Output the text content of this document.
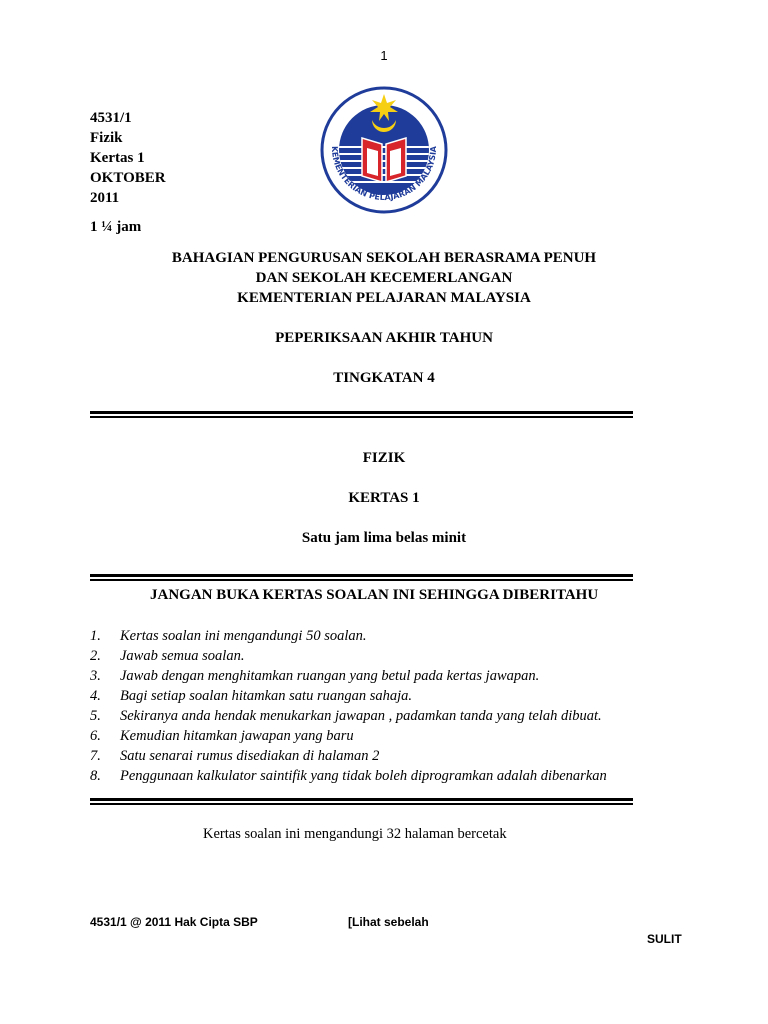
1
4531/1
Fizik
Kertas 1
OKTOBER
2011
1 ¼ jam
KEMENTERIAN PELAJARAN MALAYSIA
BAHAGIAN PENGURUSAN SEKOLAH BERASRAMA PENUH
DAN SEKOLAH KECEMERLANGAN
KEMENTERIAN PELAJARAN MALAYSIA
PEPERIKSAAN AKHIR TAHUN
TINGKATAN 4
FIZIK
KERTAS 1
Satu jam lima belas minit
JANGAN BUKA KERTAS SOALAN INI SEHINGGA DIBERITAHU
1.	Kertas soalan ini mengandungi 50 soalan.
2.	Jawab semua soalan.
3.	Jawab dengan menghitamkan ruangan yang betul pada kertas jawapan.
4.	Bagi setiap soalan hitamkan satu ruangan sahaja.
5.	Sekiranya anda hendak menukarkan jawapan , padamkan tanda yang telah dibuat.
6.	Kemudian hitamkan jawapan yang baru
7.	Satu senarai rumus disediakan di halaman 2
8.	Penggunaan kalkulator saintifik yang tidak boleh diprogramkan adalah dibenarkan
Kertas soalan ini mengandungi 32 halaman bercetak
4531/1 @ 2011 Hak Cipta SBP	[Lihat sebelah
SULIT
